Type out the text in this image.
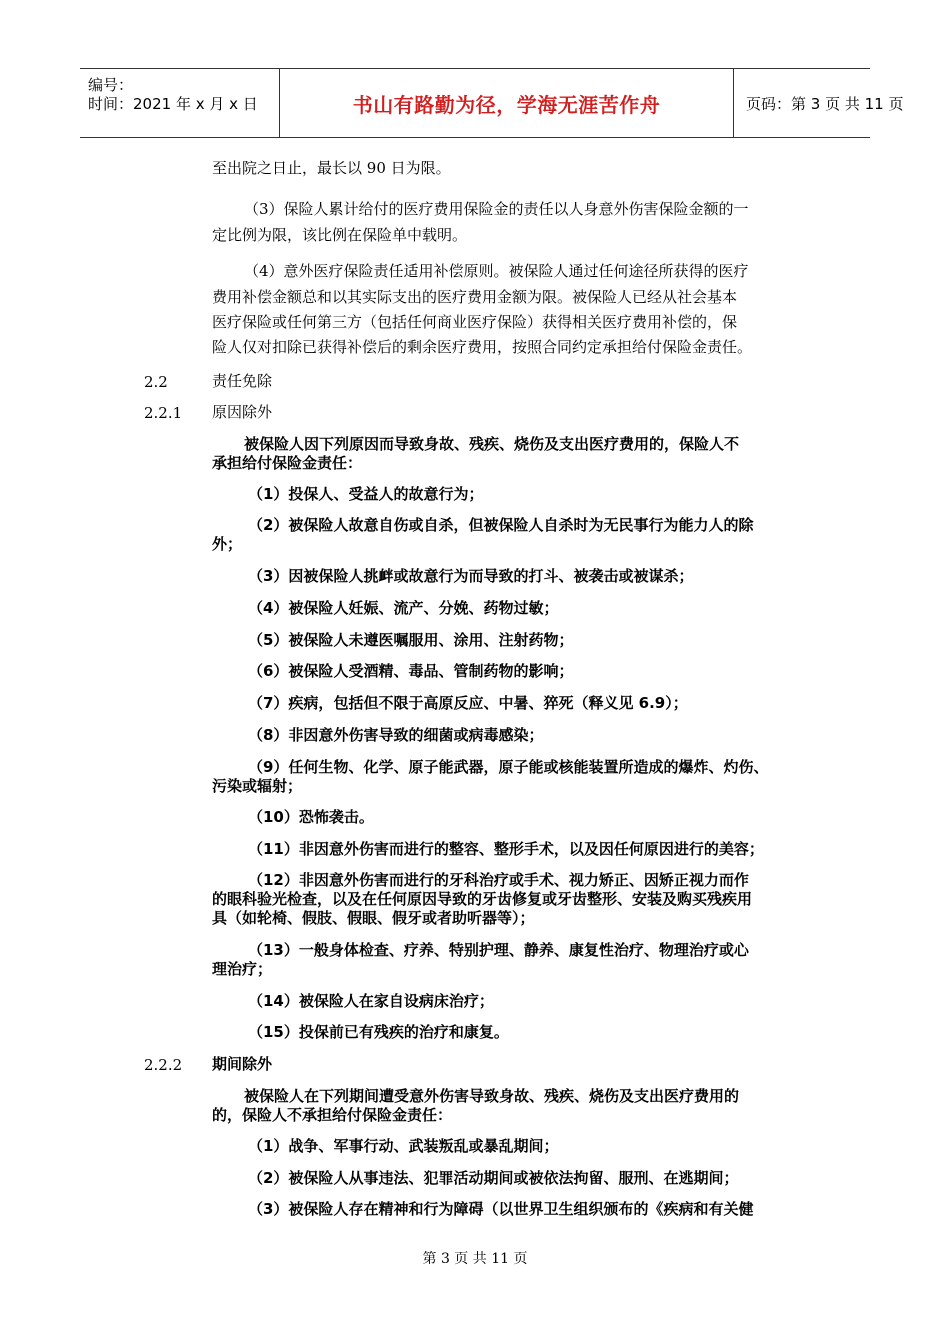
编号：
时间：2021 年 x 月 x 日	书山有路勤为径，学海无涯苦作舟	页码：第 3 页 共 11 页
至出院之日止，最长以 90 日为限。
（3）保险人累计给付的医疗费用保险金的责任以人身意外伤害保险金额的一
定比例为限，该比例在保险单中载明。
（4）意外医疗保险责任适用补偿原则。被保险人通过任何途径所获得的医疗
费用补偿金额总和以其实际支出的医疗费用金额为限。被保险人已经从社会基本
医疗保险或任何第三方（包括任何商业医疗保险）获得相关医疗费用补偿的，保
险人仅对扣除已获得补偿后的剩余医疗费用，按照合同约定承担给付保险金责任。
2.2	责任免除
2.2.1 原因除外
被保险人因下列原因而导致身故、残疾、烧伤及支出医疗费用的，保险人不
承担给付保险金责任：
（1）投保人、受益人的故意行为；
（2）被保险人故意自伤或自杀，但被保险人自杀时为无民事行为能力人的除
外；
（3）因被保险人挑衅或故意行为而导致的打斗、被袭击或被谋杀；
（4）被保险人妊娠、流产、分娩、药物过敏；
（5）被保险人未遵医嘱服用、涂用、注射药物；
（6）被保险人受酒精、毒品、管制药物的影响；
（7）疾病，包括但不限于高原反应、中暑、猝死（释义见 6.9）；
（8）非因意外伤害导致的细菌或病毒感染；
（9）任何生物、化学、原子能武器，原子能或核能装置所造成的爆炸、灼伤、
污染或辐射；
（10）恐怖袭击。
（11）非因意外伤害而进行的整容、整形手术，以及因任何原因进行的美容；
（12）非因意外伤害而进行的牙科治疗或手术、视力矫正、因矫正视力而作
的眼科验光检查，以及在任何原因导致的牙齿修复或牙齿整形、安装及购买残疾用
具（如轮椅、假肢、假眼、假牙或者助听器等）；
（13）一般身体检查、疗养、特别护理、静养、康复性治疗、物理治疗或心
理治疗；
（14）被保险人在家自设病床治疗；
（15）投保前已有残疾的治疗和康复。
2.2.2 期间除外
被保险人在下列期间遭受意外伤害导致身故、残疾、烧伤及支出医疗费用的
的，保险人不承担给付保险金责任：
（1）战争、军事行动、武装叛乱或暴乱期间；
（2）被保险人从事违法、犯罪活动期间或被依法拘留、服刑、在逃期间；
（3）被保险人存在精神和行为障碍（以世界卫生组织颁布的《疾病和有关健
第 3 页 共 11 页
